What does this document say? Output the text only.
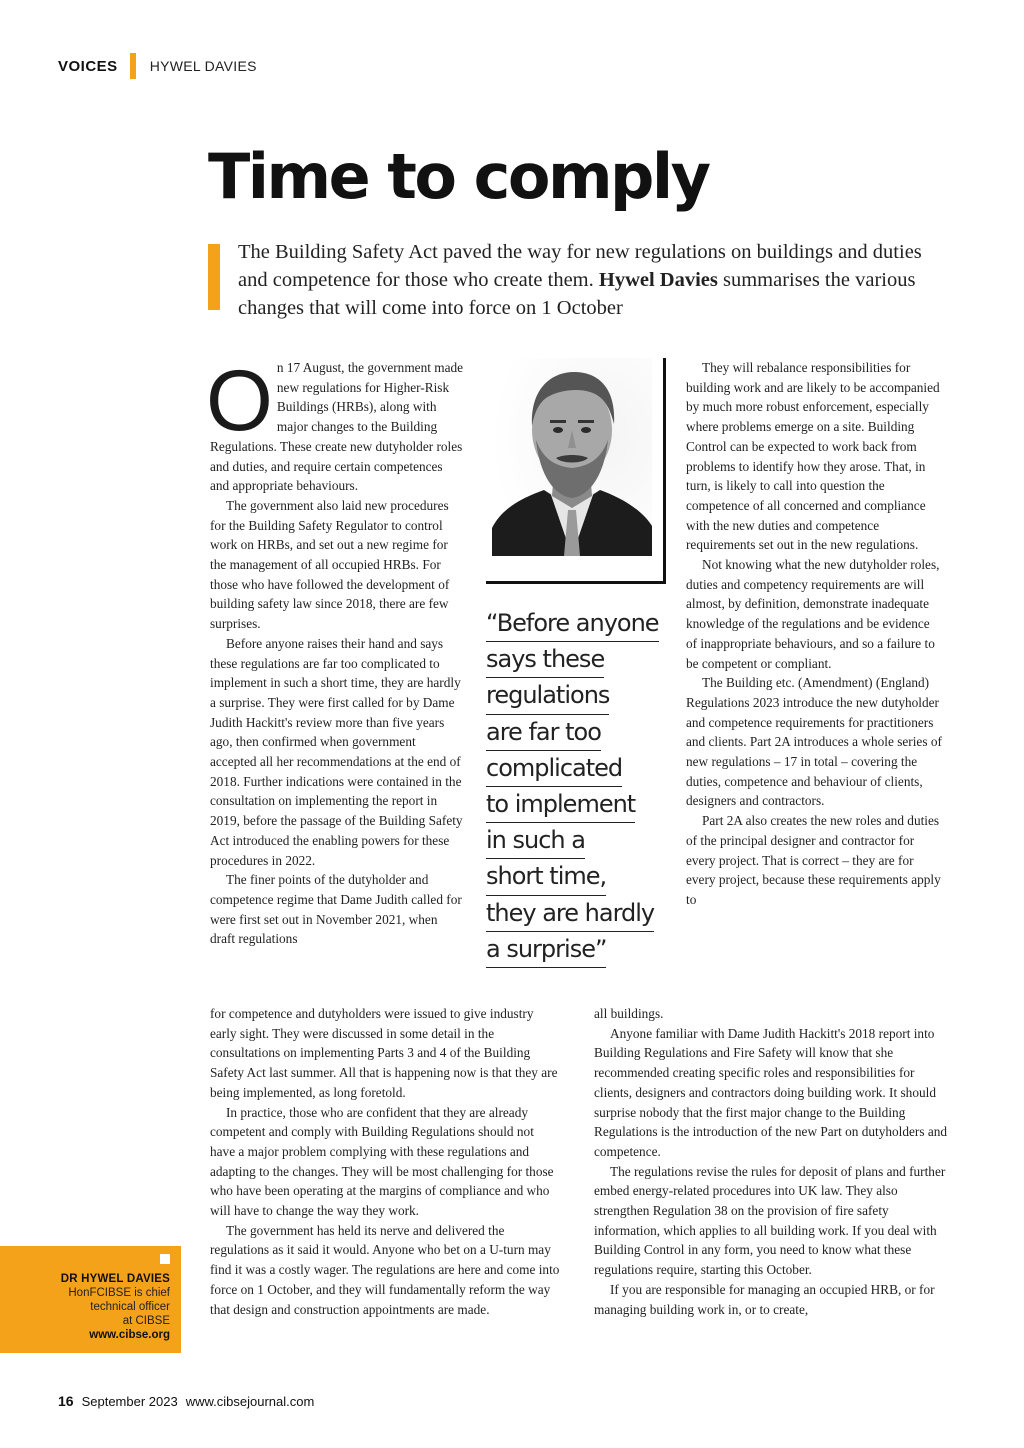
VOICES HYWEL DAVIES
Time to comply

The Building Safety Act paved the way for new regulations on buildings and duties and competence for those who create them. Hywel Davies summarises the various changes that will come into force on 1 October

On 17 August, the government made new regulations for Higher-Risk Buildings (HRBs), along with major changes to the Building Regulations. These create new dutyholder roles and duties, and require certain competences and appropriate behaviours.

The government also laid new procedures for the Building Safety Regulator to control work on HRBs, and set out a new regime for the management of all occupied HRBs. For those who have followed the development of building safety law since 2018, there are few surprises.

Before anyone raises their hand and says these regulations are far too complicated to implement in such a short time, they are hardly a surprise. They were first called for by Dame Judith Hackitt's review more than five years ago, then confirmed when government accepted all her recommendations at the end of 2018. Further indications were contained in the consultation on implementing the report in 2019, before the passage of the Building Safety Act introduced the enabling powers for these procedures in 2022.

The finer points of the dutyholder and competence regime that Dame Judith called for were first set out in November 2021, when draft regulations

for competence and dutyholders were issued to give industry early sight. They were discussed in some detail in the consultations on implementing Parts 3 and 4 of the Building Safety Act last summer. All that is happening now is that they are being implemented, as long foretold.

In practice, those who are confident that they are already competent and comply with Building Regulations should not have a major problem complying with these regulations and adapting to the changes. They will be most challenging for those who have been operating at the margins of compliance and who will have to change the way they work.

The government has held its nerve and delivered the regulations as it said it would. Anyone who bet on a U-turn may find it was a costly wager. The regulations are here and come into force on 1 October, and they will fundamentally reform the way that design and construction appointments are made.

“Before anyone
says these
regulations
are far too
complicated
to implement
in such a
short time,
they are hardly
a surprise”

They will rebalance responsibilities for building work and are likely to be accompanied by much more robust enforcement, especially where problems emerge on a site. Building Control can be expected to work back from problems to identify how they arose. That, in turn, is likely to call into question the competence of all concerned and compliance with the new duties and competence requirements set out in the new regulations.

Not knowing what the new dutyholder roles, duties and competency requirements are will almost, by definition, demonstrate inadequate knowledge of the regulations and be evidence of inappropriate behaviours, and so a failure to be competent or compliant.

The Building etc. (Amendment) (England) Regulations 2023 introduce the new dutyholder and competence requirements for practitioners and clients. Part 2A introduces a whole series of new regulations – 17 in total – covering the duties, competence and behaviour of clients, designers and contractors.

Part 2A also creates the new roles and duties of the principal designer and contractor for every project. That is correct – they are for every project, because these requirements apply to

all buildings.

Anyone familiar with Dame Judith Hackitt's 2018 report into Building Regulations and Fire Safety will know that she recommended creating specific roles and responsibilities for clients, designers and contractors doing building work. It should surprise nobody that the first major change to the Building Regulations is the introduction of the new Part on dutyholders and competence.

The regulations revise the rules for deposit of plans and further embed energy-related procedures into UK law. They also strengthen Regulation 38 on the provision of fire safety information, which applies to all building work. If you deal with Building Control in any form, you need to know what these regulations require, starting this October.

If you are responsible for managing an occupied HRB, or for managing building work in, or to create,

DR HYWEL DAVIES
HonFCIBSE is chief
technical officer
at CIBSE
www.cibse.org
16 September 2023 www.cibsejournal.com
